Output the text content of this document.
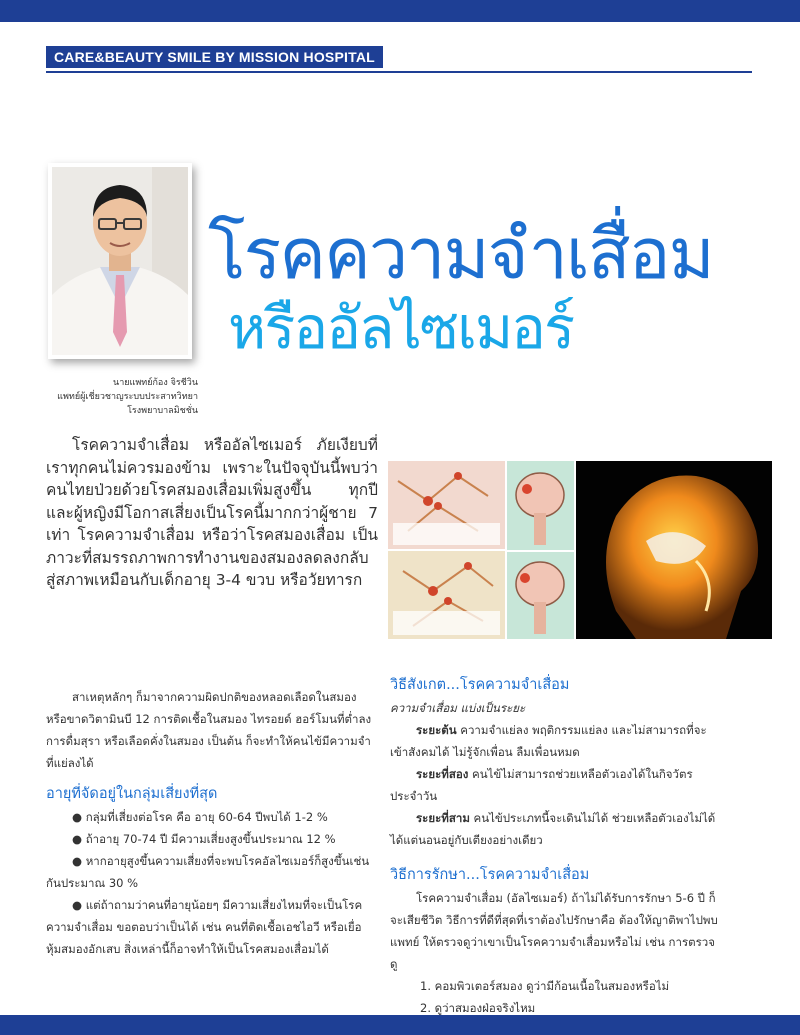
CARE&BEAUTY SMILE BY MISSION HOSPITAL
นายแพทย์ก้อง จิรชีวิน
แพทย์ผู้เชี่ยวชาญระบบประสาทวิทยา
โรงพยาบาลมิชชั่น
โรคความจำเสื่อม
หรืออัลไซเมอร์

โรคความจำเสื่อม หรืออัลไซเมอร์ ภัยเงียบที่เราทุกคนไม่ควรมองข้าม เพราะในปัจจุบันนี้พบว่าคนไทยป่วยด้วยโรคสมองเสื่อมเพิ่มสูงขึ้น ทุกปี และผู้หญิงมีโอกาสเสี่ยงเป็นโรคนี้มากกว่าผู้ชาย 7 เท่า โรคความจำเสื่อม หรือว่าโรคสมองเสื่อม เป็นภาวะที่สมรรถภาพการทำงานของสมองลดลงกลับสู่สภาพเหมือนกับเด็กอายุ 3-4 ขวบ หรือวัยทารก

สาเหตุหลักๆ ก็มาจากความผิดปกติของหลอดเลือดในสมอง หรือขาดวิตามินบี 12 การติดเชื้อในสมอง ไทรอยด์ ฮอร์โมนที่ต่ำลง การดื่มสุรา หรือเลือดคั่งในสมอง เป็นต้น ก็จะทำให้คนไข้มีความจำที่แย่ลงได้

อายุที่จัดอยู่ในกลุ่มเสี่ยงที่สุด

● กลุ่มที่เสี่ยงต่อโรค คือ อายุ 60-64 ปีพบได้ 1-2 %

● ถ้าอายุ 70-74 ปี มีความเสี่ยงสูงขึ้นประมาณ 12 %

● หากอายุสูงขึ้นความเสี่ยงที่จะพบโรคอัลไซเมอร์ก็สูงขึ้นเช่นกันประมาณ 30 %

● แต่ถ้าถามว่าคนที่อายุน้อยๆ มีความเสี่ยงไหมที่จะเป็นโรคความจำเสื่อม ขอตอบว่าเป็นได้ เช่น คนที่ติดเชื้อเอชไอวี หรือเยื่อหุ้มสมองอักเสบ สิ่งเหล่านี้ก็อาจทำให้เป็นโรคสมองเสื่อมได้

วิธีสังเกต...โรคความจำเสื่อม

ความจำเสื่อม แบ่งเป็นระยะ

ระยะต้น ความจำแย่ลง พฤติกรรมแย่ลง และไม่สามารถที่จะเข้าสังคมได้ ไม่รู้จักเพื่อน ลืมเพื่อนหมด

ระยะที่สอง คนไข้ไม่สามารถช่วยเหลือตัวเองได้ในกิจวัตรประจำวัน

ระยะที่สาม คนไข้ประเภทนี้จะเดินไม่ได้ ช่วยเหลือตัวเองไม่ได้ ได้แต่นอนอยู่กับเตียงอย่างเดียว

วิธีการรักษา...โรคความจำเสื่อม

โรคความจำเสื่อม (อัลไซเมอร์) ถ้าไม่ได้รับการรักษา 5-6 ปี ก็จะเสียชีวิต วิธีการที่ดีที่สุดที่เราต้องไปรักษาคือ ต้องให้ญาติพาไปพบแพทย์ ให้ตรวจดูว่าเขาเป็นโรคความจำเสื่อมหรือไม่ เช่น การตรวจดู

1. คอมพิวเตอร์สมอง ดูว่ามีก้อนเนื้อในสมองหรือไม่

2. ดูว่าสมองฝ่อจริงไหม
